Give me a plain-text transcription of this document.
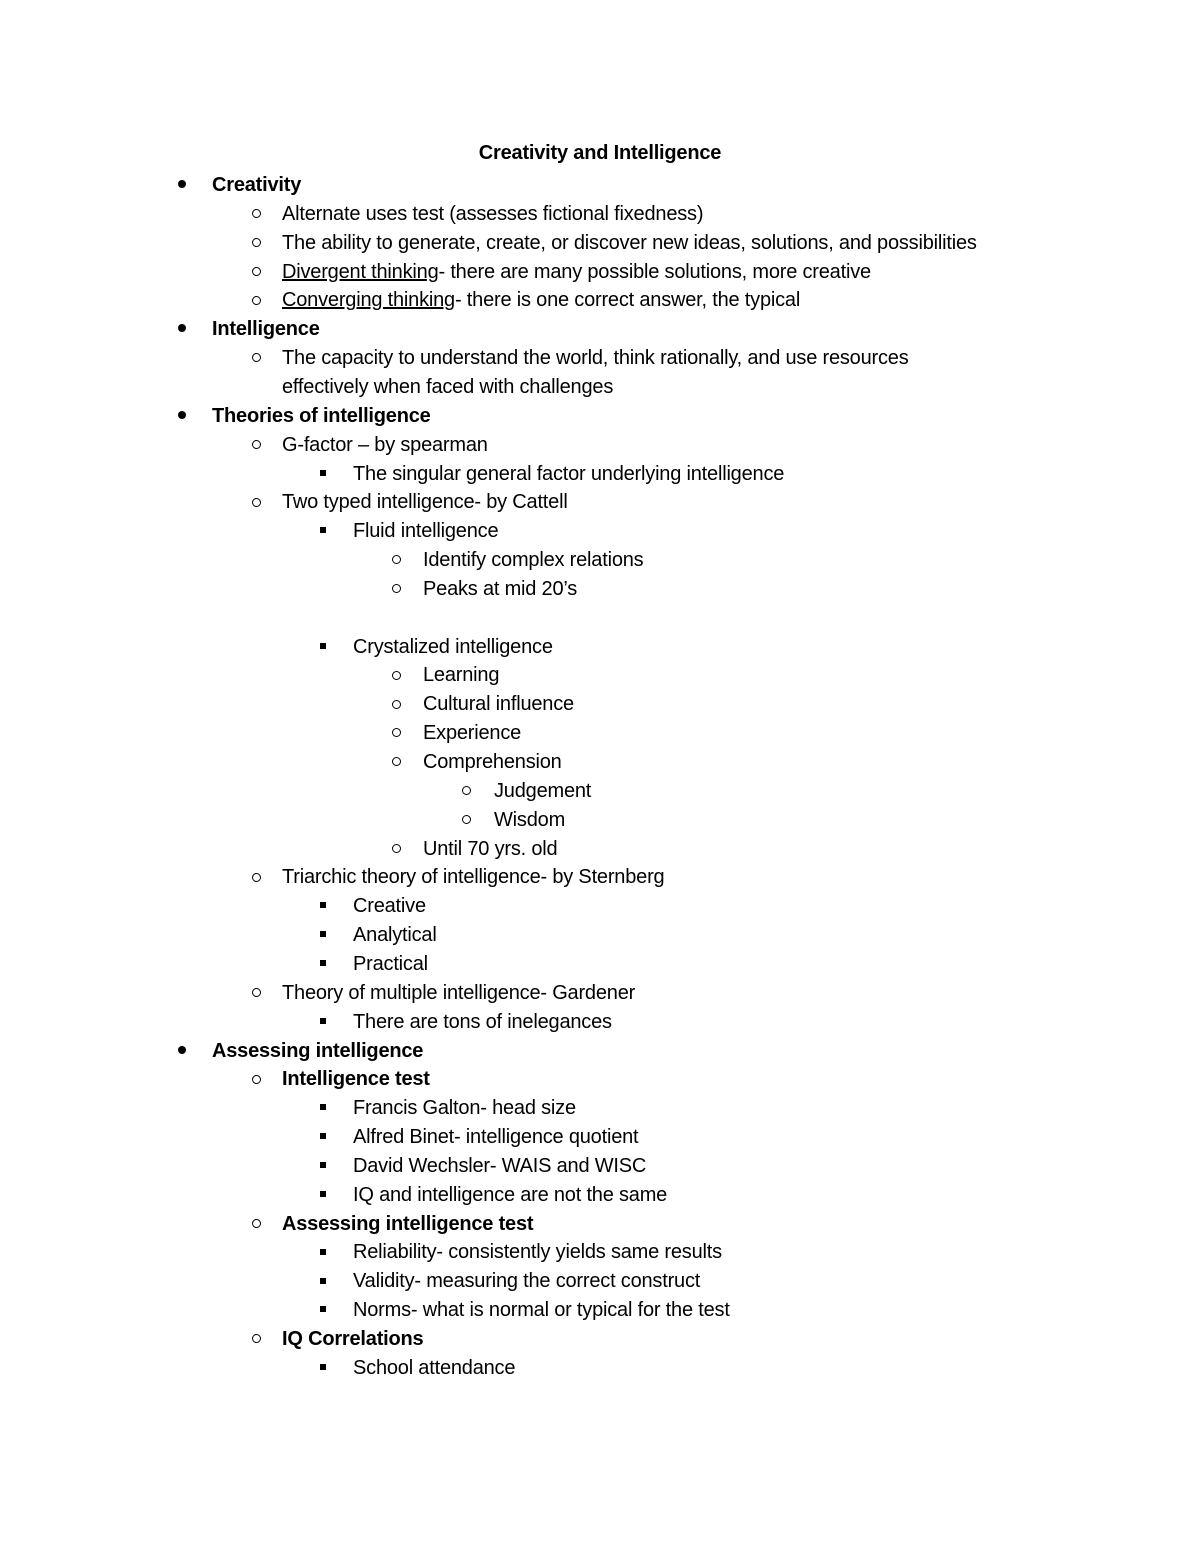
Creativity and Intelligence
Creativity
Alternate uses test (assesses fictional fixedness)
The ability to generate, create, or discover new ideas, solutions, and possibilities
Divergent thinking- there are many possible solutions, more creative
Converging thinking- there is one correct answer, the typical
Intelligence
The capacity to understand the world, think rationally, and use resources
effectively when faced with challenges
Theories of intelligence
G-factor – by spearman
The singular general factor underlying intelligence
Two typed intelligence- by Cattell
Fluid intelligence
Identify complex relations
Peaks at mid 20’s
Crystalized intelligence
Learning
Cultural influence
Experience
Comprehension
Judgement
Wisdom
Until 70 yrs. old
Triarchic theory of intelligence- by Sternberg
Creative
Analytical
Practical
Theory of multiple intelligence- Gardener
There are tons of inelegances
Assessing intelligence
Intelligence test
Francis Galton- head size
Alfred Binet- intelligence quotient
David Wechsler- WAIS and WISC
IQ and intelligence are not the same
Assessing intelligence test
Reliability- consistently yields same results
Validity- measuring the correct construct
Norms- what is normal or typical for the test
IQ Correlations
School attendance
